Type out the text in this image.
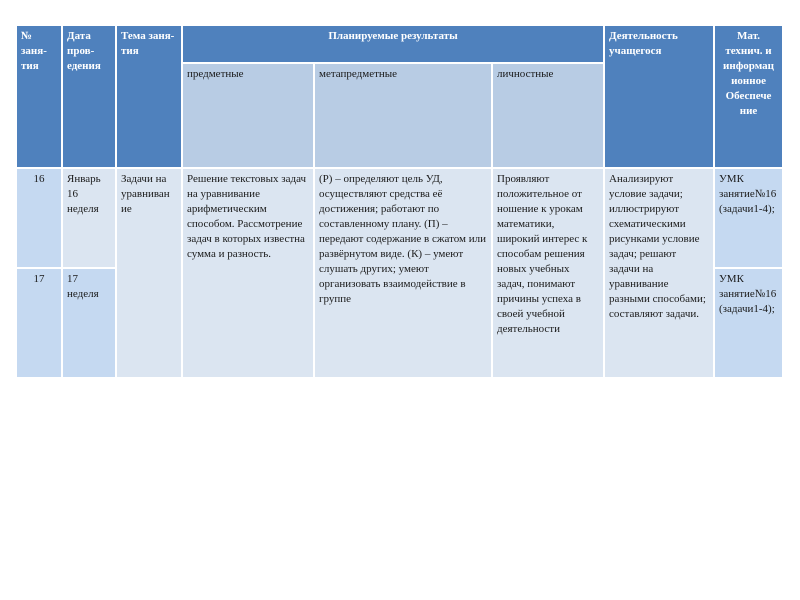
№ заня-тия	Дата пров-едения	Тема заня-тия	Планируемые результаты			Деятельность учащегося	Мат. технич. и информац ионное Обеспече ние
			предметные	метапредметные	личностные		
16	Январь 16 неделя	Задачи на уравниван ие	Решение текстовых задач на уравнивание арифметическим способом. Рассмотрение задач в которых известна сумма и разность.	(Р) – определяют цель УД, осуществляют средства её достижения; работают по составленному плану. (П) – передают содержание в сжатом или развёрнутом виде. (К) – умеют слушать других; умеют организовать взаимодействие в группе	Проявляют положительное от ношение к урокам математики, широкий интерес к способам решения новых учебных задач, понимают причины успеха в своей учебной деятельности	Анализируют условие задачи; иллюстрируют схематическими рисунками условие задач; решают задачи на уравнивание разными способами; составляют задачи.	УМК занятие№16 (задачи1-4);
17	17 неделя						УМК занятие№16 (задачи1-4);
